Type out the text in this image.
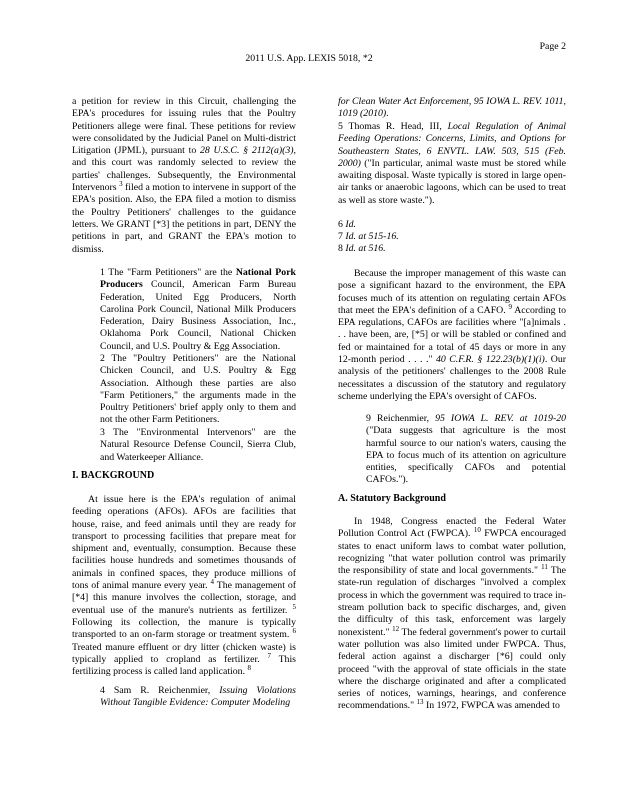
Page 2
2011 U.S. App. LEXIS 5018, *2
a petition for review in this Circuit, challenging the EPA's procedures for issuing rules that the Poultry Petitioners allege were final. These petitions for review were consolidated by the Judicial Panel on Multi-district Litigation (JPML), pursuant to 28 U.S.C. § 2112(a)(3), and this court was randomly selected to review the parties' challenges. Subsequently, the Environmental Intervenors $^3$ filed a motion to intervene in support of the EPA's position. Also, the EPA filed a motion to dismiss the Poultry Petitioners' challenges to the guidance letters. We GRANT [*3] the petitions in part, DENY the petitions in part, and GRANT the EPA's motion to dismiss.
1 The "Farm Petitioners" are the National Pork Producers Council, American Farm Bureau Federation, United Egg Producers, North Carolina Pork Council, National Milk Producers Federation, Dairy Business Association, Inc., Oklahoma Pork Council, National Chicken Council, and U.S. Poultry & Egg Association.
2 The "Poultry Petitioners" are the National Chicken Council, and U.S. Poultry & Egg Association. Although these parties are also "Farm Petitioners," the arguments made in the Poultry Petitioners' brief apply only to them and not the other Farm Petitioners.
3 The "Environmental Intervenors" are the Natural Resource Defense Council, Sierra Club, and Waterkeeper Alliance.
I. BACKGROUND
At issue here is the EPA's regulation of animal feeding operations (AFOs). AFOs are facilities that house, raise, and feed animals until they are ready for transport to processing facilities that prepare meat for shipment and, eventually, consumption. Because these facilities house hundreds and sometimes thousands of animals in confined spaces, they produce millions of tons of animal manure every year. $^4$ The management of [*4] this manure involves the collection, storage, and eventual use of the manure's nutrients as fertilizer. $^5$ Following its collection, the manure is typically transported to an on-farm storage or treatment system. $^6$ Treated manure effluent or dry litter (chicken waste) is typically applied to cropland as fertilizer. $^7$ This fertilizing process is called land application. $^8$
4 Sam R. Reichenmier, Issuing Violations Without Tangible Evidence: Computer Modeling
for Clean Water Act Enforcement, 95 IOWA L. REV. 1011, 1019 (2010).
5 Thomas R. Head, III, Local Regulation of Animal Feeding Operations: Concerns, Limits, and Options for Southeastern States, 6 ENVTL. LAW. 503, 515 (Feb. 2000) ("In particular, animal waste must be stored while awaiting disposal. Waste typically is stored in large open-air tanks or anaerobic lagoons, which can be used to treat as well as store waste.").
6 Id.
7 Id. at 515-16.
8 Id. at 516.
Because the improper management of this waste can pose a significant hazard to the environment, the EPA focuses much of its attention on regulating certain AFOs that meet the EPA's definition of a CAFO. $^9$ According to EPA regulations, CAFOs are facilities where "[a]nimals . . . have been, are, [*5] or will be stabled or confined and fed or maintained for a total of 45 days or more in any 12-month period . . . ." 40 C.F.R. § 122.23(b)(1)(i). Our analysis of the petitioners' challenges to the 2008 Rule necessitates a discussion of the statutory and regulatory scheme underlying the EPA's oversight of CAFOs.
9 Reichenmier, 95 IOWA L. REV. at 1019-20 ("Data suggests that agriculture is the most harmful source to our nation's waters, causing the EPA to focus much of its attention on agriculture entities, specifically CAFOs and potential CAFOs.").
A. Statutory Background
In 1948, Congress enacted the Federal Water Pollution Control Act (FWPCA). $^{10}$ FWPCA encouraged states to enact uniform laws to combat water pollution, recognizing "that water pollution control was primarily the responsibility of state and local governments." $^{11}$ The state-run regulation of discharges "involved a complex process in which the government was required to trace in-stream pollution back to specific discharges, and, given the difficulty of this task, enforcement was largely nonexistent." $^{12}$ The federal government's power to curtail water pollution was also limited under FWPCA. Thus, federal action against a discharger [*6] could only proceed "with the approval of state officials in the state where the discharge originated and after a complicated series of notices, warnings, hearings, and conference recommendations." $^{13}$ In 1972, FWPCA was amended to
